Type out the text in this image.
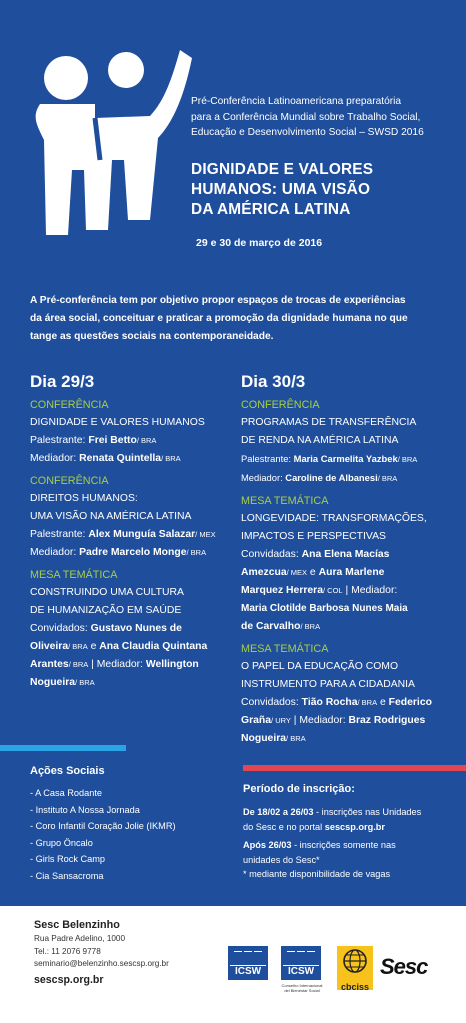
Pré-Conferência Latinoamericana preparatória
para a Conferência Mundial sobre Trabalho Social,
Educação e Desenvolvimento Social – SWSD 2016
DIGNIDADE E VALORES
HUMANOS: UMA VISÃO
DA AMÉRICA LATINA
29 e 30 de março de 2016
A Pré-conferência tem por objetivo propor espaços de trocas de experiências
da área social, conceituar e praticar a promoção da dignidade humana no que
tange as questões sociais na contemporaneidade.
Dia 29/3
CONFERÊNCIA
DIGNIDADE E VALORES HUMANOS
Palestrante: Frei Betto/ BRA
Mediador: Renata Quintella/ BRA
CONFERÊNCIA
DIREITOS HUMANOS:
UMA VISÃO NA AMÉRICA LATINA
Palestrante: Alex Munguía Salazar/ MEX
Mediador: Padre Marcelo Monge/ BRA
MESA TEMÁTICA
CONSTRUINDO UMA CULTURA
DE HUMANIZAÇÃO EM SAÚDE
Convidados: Gustavo Nunes de
Oliveira/ BRA e Ana Claudia Quintana
Arantes/ BRA | Mediador: Wellington
Nogueira/ BRA
Dia 30/3
CONFERÊNCIA
PROGRAMAS DE TRANSFERÊNCIA
DE RENDA NA AMÉRICA LATINA
Palestrante: Maria Carmelita Yazbek/ BRA
Mediador: Caroline de Albanesi/ BRA
MESA TEMÁTICA
LONGEVIDADE: TRANSFORMAÇÕES,
IMPACTOS E PERSPECTIVAS
Convidadas: Ana Elena Macías
Amezcua/ MEX e Aura Marlene
Marquez Herrera/ COL | Mediador:
Maria Clotilde Barbosa Nunes Maia
de Carvalho/ BRA
MESA TEMÁTICA
O PAPEL DA EDUCAÇÃO COMO
INSTRUMENTO PARA A CIDADANIA
Convidados: Tião Rocha/ BRA e Federico
Graña/ URY | Mediador: Braz Rodrigues
Nogueira/ BRA
Ações Sociais
- A Casa Rodante
- Instituto A Nossa Jornada
- Coro Infantil Coração Jolie (IKMR)
- Grupo Öncalo
- Girls Rock Camp
- Cia Sansacroma
Período de inscrição:
De 18/02 a 26/03 - inscrições nas Unidades
do Sesc e no portal sescsp.org.br
Após 26/03 - inscrições somente nas
unidades do Sesc*
* mediante disponibilidade de vagas
Sesc Belenzinho
Rua Padre Adelino, 1000
Tel.: 11 2076 9778
seminario@belenzinho.sescsp.org.br
sescsp.org.br
ICSW	ICSW
Conselho Internacional
del Bienestar Social	cbciss
Sesc
